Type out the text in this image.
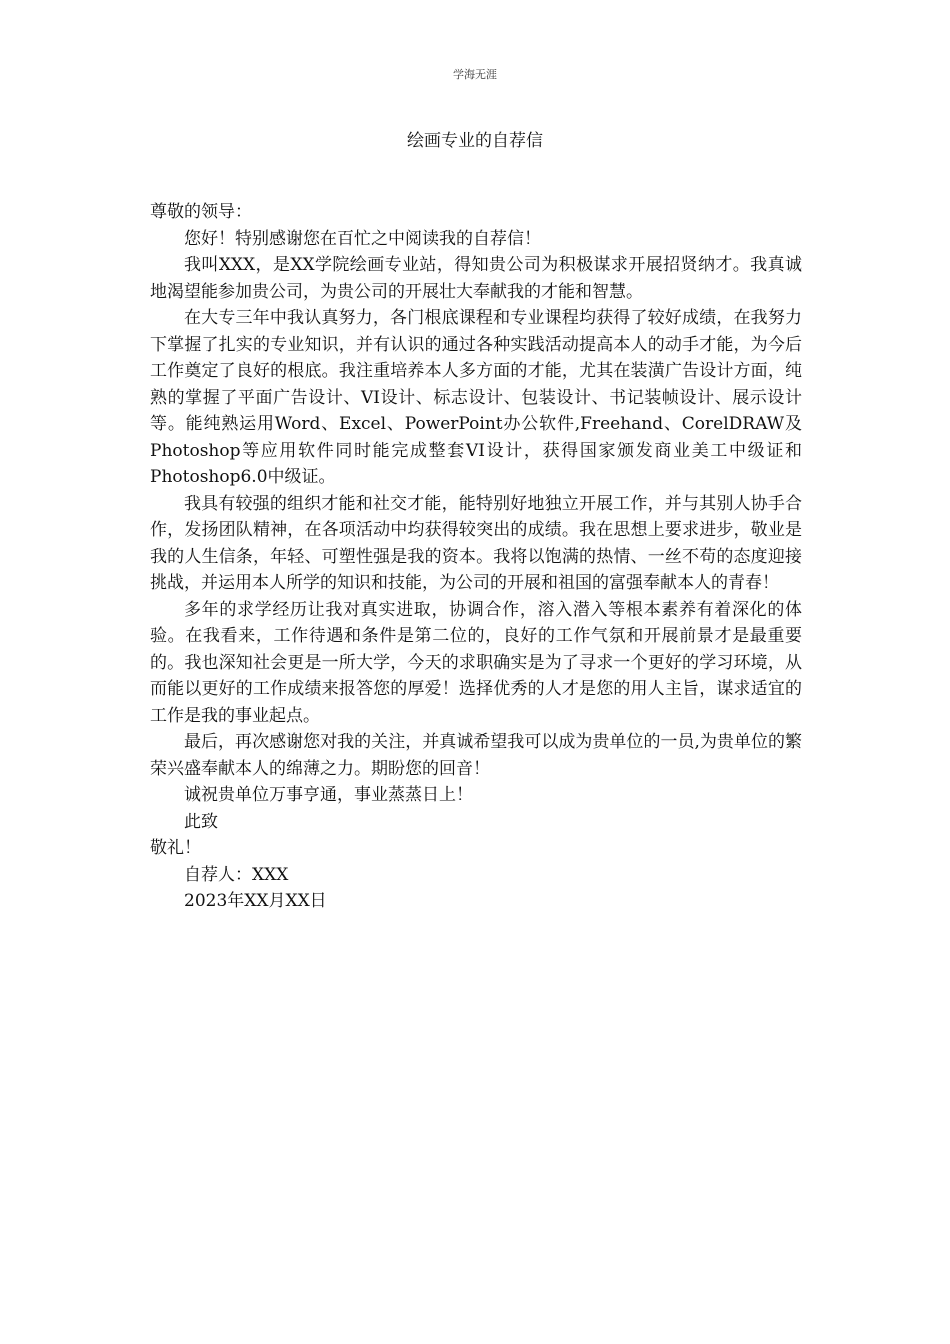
学海无涯
绘画专业的自荐信

尊敬的领导：

您好！特别感谢您在百忙之中阅读我的自荐信！

我叫XXX，是XX学院绘画专业站，得知贵公司为积极谋求开展招贤纳才。我真诚地渴望能参加贵公司，为贵公司的开展壮大奉献我的才能和智慧。

在大专三年中我认真努力，各门根底课程和专业课程均获得了较好成绩，在我努力下掌握了扎实的专业知识，并有认识的通过各种实践活动提高本人的动手才能，为今后工作奠定了良好的根底。我注重培养本人多方面的才能，尤其在装潢广告设计方面，纯熟的掌握了平面广告设计、VI设计、标志设计、包装设计、书记装帧设计、展示设计等。能纯熟运用Word、Excel、PowerPoint办公软件,Freehand、CorelDRAW及Photoshop等应用软件同时能完成整套VI设计，获得国家颁发商业美工中级证和Photoshop6.0中级证。

我具有较强的组织才能和社交才能，能特别好地独立开展工作，并与其别人协手合作，发扬团队精神，在各项活动中均获得较突出的成绩。我在思想上要求进步，敬业是我的人生信条，年轻、可塑性强是我的资本。我将以饱满的热情、一丝不苟的态度迎接挑战，并运用本人所学的知识和技能，为公司的开展和祖国的富强奉献本人的青春！

多年的求学经历让我对真实进取，协调合作，溶入潜入等根本素养有着深化的体验。在我看来，工作待遇和条件是第二位的，良好的工作气氛和开展前景才是最重要的。我也深知社会更是一所大学，今天的求职确实是为了寻求一个更好的学习环境，从而能以更好的工作成绩来报答您的厚爱！选择优秀的人才是您的用人主旨，谋求适宜的工作是我的事业起点。

最后，再次感谢您对我的关注，并真诚希望我可以成为贵单位的一员,为贵单位的繁荣兴盛奉献本人的绵薄之力。期盼您的回音！

诚祝贵单位万事亨通，事业蒸蒸日上！

此致

敬礼！

自荐人：XXX

2023年XX月XX日
